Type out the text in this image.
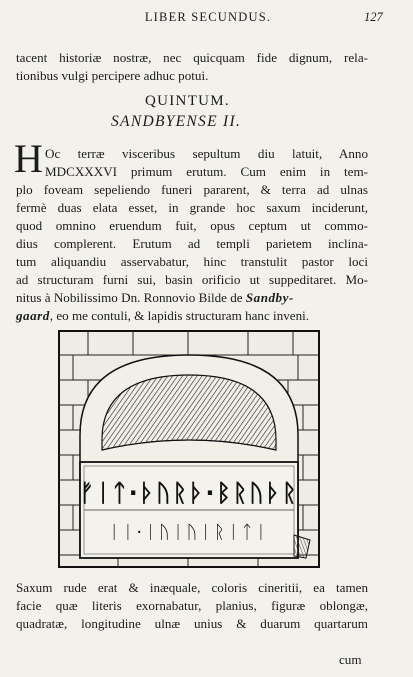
LIBER SECUNDUS.	127
tacent historiæ nostræ, nec quicquam fide dignum, rela-
tionibus vulgi percipere adhuc potui.
QUINTUM.
SANDBYENSE II.
H Oc terræ visceribus sepultum diu latuit, Anno
MDCXXXVI primum erutum. Cum enim in tem-
plo foveam sepeliendo funeri pararent, & terra ad ulnas
fermè duas elata esset, in grande hoc saxum inciderunt,
quod omnino eruendum fuit, opus ceptum ut commo-
dius complerent. Erutum ad templi parietem inclina-
tum aliquandiu asservabatur, hinc transtulit pastor loci
ad structuram furni sui, basin orificio ut suppeditaret. Mo-
nitus à Nobilissimo Dn. Ronnovio Bilde de Sandby-
gaard, eo me contuli, & lapidis structuram hanc inveni.
ᚠᛁᛏ·ᚦᚢᚱᚦ·ᛒᚱᚢᚦᚱ
ᛁᛁ·ᛁᚢᛁᚢᛁᚱᛁᛏᛁ
Saxum rude erat & inæquale, coloris cineritii, ea tamen
facie quæ literis exornabatur, planius, figuræ oblongæ,
quadratæ, longitudine ulnæ unius & duarum quartarum
cum
